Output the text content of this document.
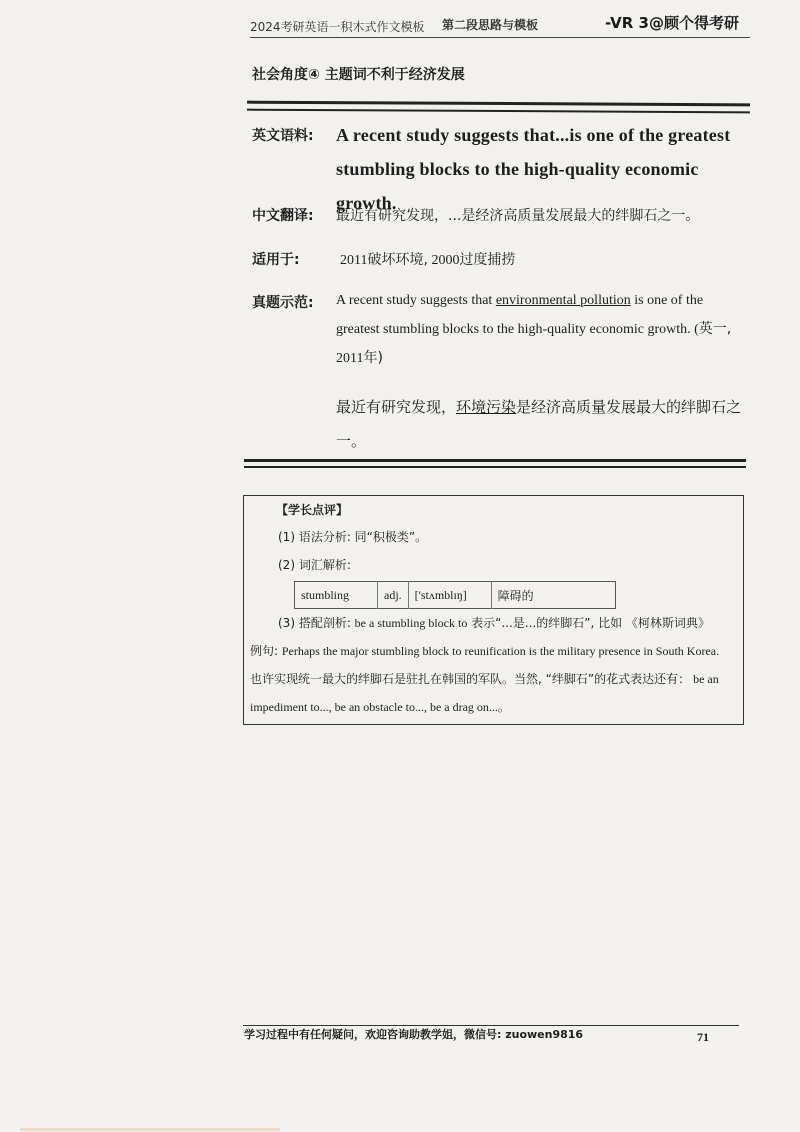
2024考研英语一积木式作文模板 第二段思路与模板	-VR 3@顾个得考研
社会角度④ 主题词不利于经济发展
英文语料: A recent study suggests that...is one of the greatest
stumbling blocks to the high-quality economic growth.
中文翻译: 最近有研究发现，...是经济高质量发展最大的绊脚石之一。
适用于:	2011破坏环境, 2000过度捕捞
真题示范: A recent study suggests that environmental pollution is one of the greatest stumbling blocks to the high-quality economic growth. (英一, 2011年)
最近有研究发现，环境污染是经济高质量发展最大的绊脚石之一。
【学长点评】
(1) 语法分析: 同“积极类”。
(2) 词汇解析:
stumbling	adj.	['stʌmblɪŋ]	障碍的
(3) 搭配剖析: be a stumbling block to 表示“...是...的绊脚石”, 比如 《柯林斯词典》
例句: Perhaps the major stumbling block to reunification is the military presence in South Korea.
也许实现统一最大的绊脚石是驻扎在韩国的军队。当然, “绊脚石”的花式表达还有： be an
impediment to..., be an obstacle to..., be a drag on...。
学习过程中有任何疑问，欢迎咨询助教学姐，微信号: zuowen9816	71
